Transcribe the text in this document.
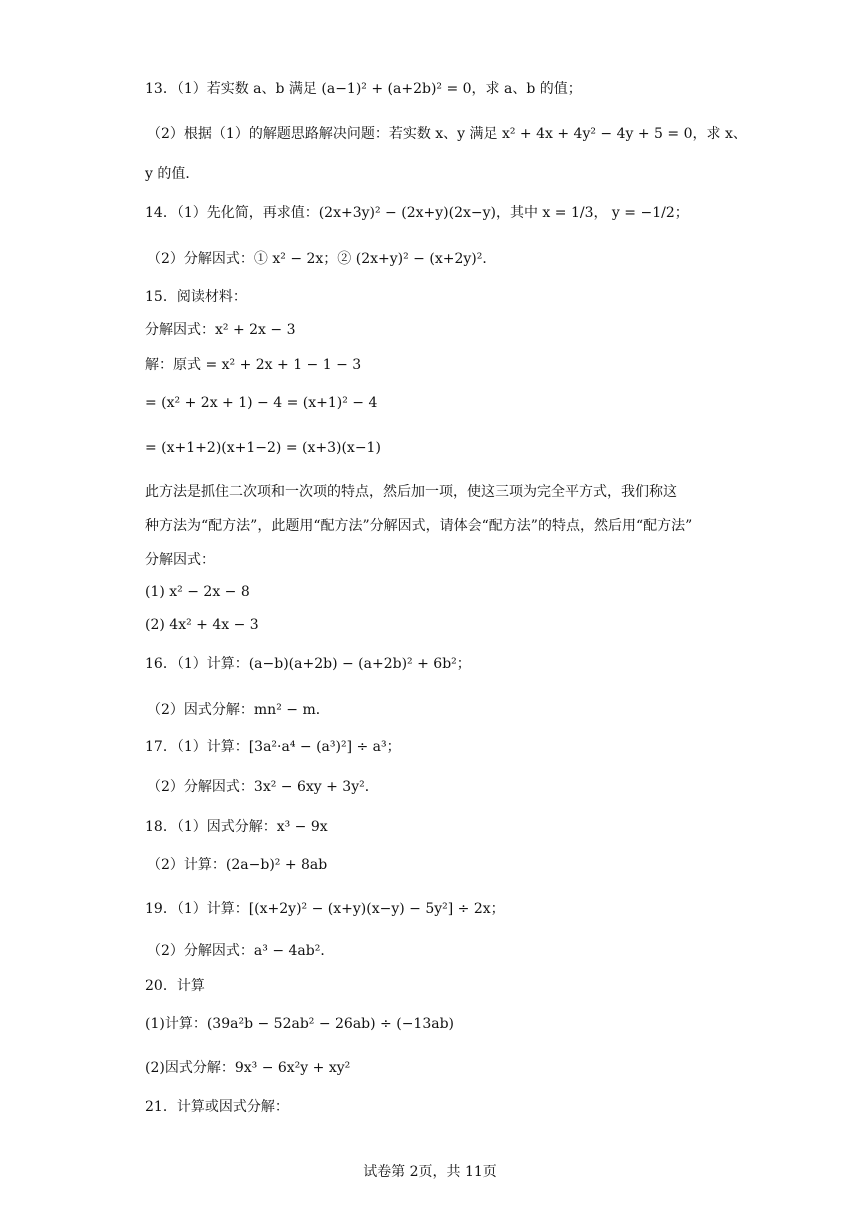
13．（1）若实数 a、b 满足 (a−1)² + (a+2b)² = 0，求 a、b 的值；
（2）根据（1）的解题思路解决问题：若实数 x、y 满足 x² + 4x + 4y² − 4y + 5 = 0，求 x、
y 的值．
14．（1）先化简，再求值：(2x+3y)² − (2x+y)(2x−y)，其中 x = 1/3， y = −1/2；
（2）分解因式：① x² − 2x；② (2x+y)² − (x+2y)²．
15．阅读材料：
分解因式：x² + 2x − 3
解：原式 = x² + 2x + 1 − 1 − 3
= (x² + 2x + 1) − 4 = (x+1)² − 4
= (x+1+2)(x+1−2) = (x+3)(x−1)
此方法是抓住二次项和一次项的特点，然后加一项，使这三项为完全平方式，我们称这
种方法为“配方法”，此题用“配方法”分解因式，请体会“配方法”的特点，然后用“配方法”
分解因式：
(1) x² − 2x − 8
(2) 4x² + 4x − 3
16．（1）计算：(a−b)(a+2b) − (a+2b)² + 6b²；
（2）因式分解：mn² − m．
17．（1）计算：[3a²·a⁴ − (a³)²] ÷ a³；
（2）分解因式：3x² − 6xy + 3y²．
18．（1）因式分解：x³ − 9x
（2）计算：(2a−b)² + 8ab
19．（1）计算：[(x+2y)² − (x+y)(x−y) − 5y²] ÷ 2x；
（2）分解因式：a³ − 4ab²．
20．计算
(1)计算：(39a²b − 52ab² − 26ab) ÷ (−13ab)
(2)因式分解：9x³ − 6x²y + xy²
21．计算或因式分解：
试卷第 2页，共 11页
